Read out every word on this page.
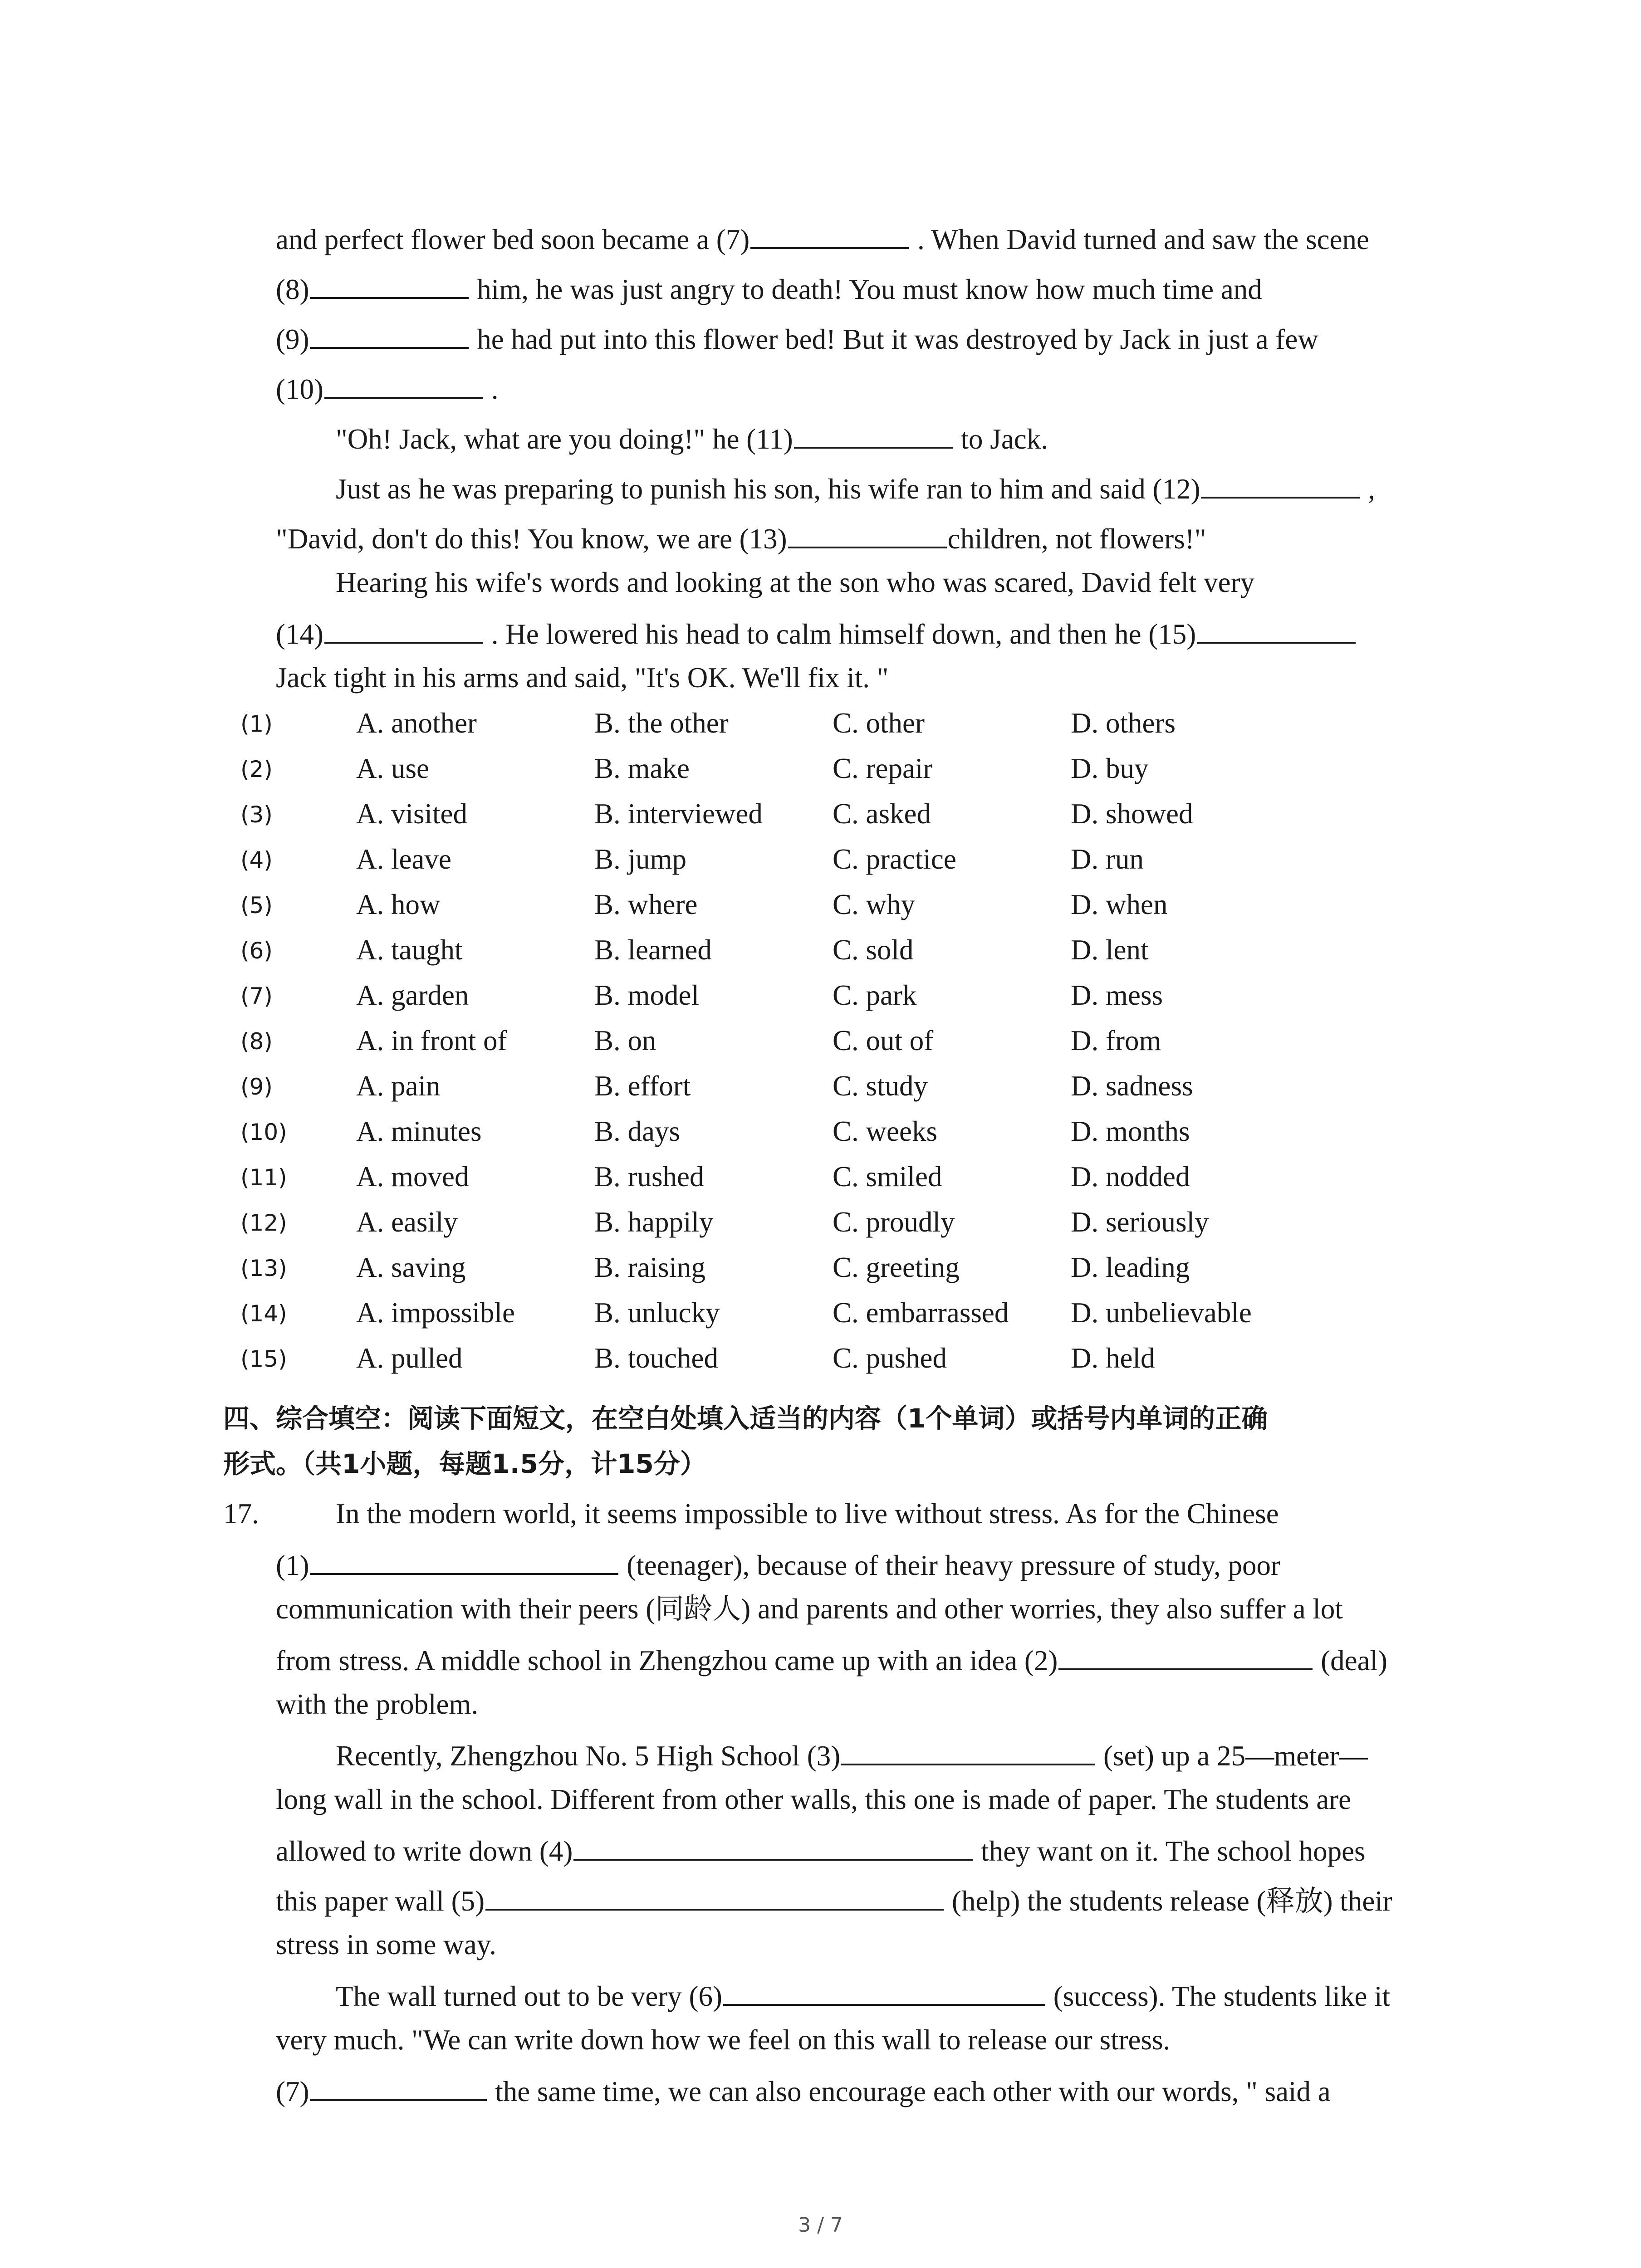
and perfect flower bed soon became a (7)	. When David turned and saw the scene
(8)	him, he was just angry to death! You must know how much time and
(9)	he had put into this flower bed! But it was destroyed by Jack in just a few
(10)	.
"Oh! Jack, what are you doing!" he (11)	to Jack.
Just as he was preparing to punish his son, his wife ran to him and said (12)	,
"David, don't do this! You know, we are (13)	children, not flowers!"
Hearing his wife's words and looking at the son who was scared, David felt very
(14)	. He lowered his head to calm himself down, and then he (15)
Jack tight in his arms and said, "It's OK. We'll fix it. "
(1)	A. another	B. the other	C. other	D. others
(2)	A. use	B. make	C. repair	D. buy
(3)	A. visited	B. interviewed C. asked	D. showed
(4)	A. leave	B. jump	C. practice	D. run
(5)	A. how	B. where	C. why	D. when
(6)	A. taught	B. learned	C. sold	D. lent
(7)	A. garden	B. model	C. park	D. mess
(8)	A. in front of	B. on	C. out of	D. from
(9)	A. pain	B. effort	C. study	D. sadness
(10) A. minutes	B. days	C. weeks	D. months
(11) A. moved	B. rushed	C. smiled	D. nodded
(12) A. easily	B. happily	C. proudly	D. seriously
(13) A. saving	B. raising	C. greeting	D. leading
(14) A. impossible	B. unlucky	C. embarrassed D. unbelievable
(15) A. pulled	B. touched	C. pushed	D. held
四、综合填空：阅读下面短文，在空白处填入适当的内容（1个单词）或括号内单词的正确
形式。（共1小题，每题1.5分，计15分）
17.	In the modern world, it seems impossible to live without stress. As for the Chinese
(1)	(teenager), because of their heavy pressure of study, poor
communication with their peers (同龄人) and parents and other worries, they also suffer a lot
from stress. A middle school in Zhengzhou came up with an idea (2)	(deal)
with the problem.
Recently, Zhengzhou No. 5 High School (3)	(set) up a 25—meter—
long wall in the school. Different from other walls, this one is made of paper. The students are
allowed to write down (4)	they want on it. The school hopes
this paper wall (5)	(help) the students release (释放) their
stress in some way.
The wall turned out to be very (6)	(success). The students like it
very much. "We can write down how we feel on this wall to release our stress.
(7)	the same time, we can also encourage each other with our words, " said a
3 / 7
